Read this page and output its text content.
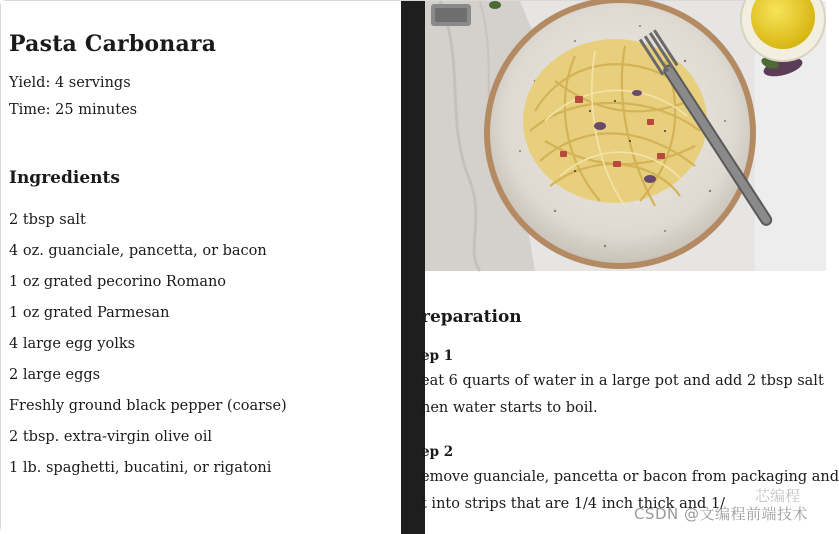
Pasta Carbonara
Yield: 4 servings
Time: 25 minutes
Ingredients
2 tbsp salt
4 oz. guanciale, pancetta, or bacon
1 oz grated pecorino Romano
1 oz grated Parmesan
4 large egg yolks
2 large eggs
Freshly ground black pepper (coarse)
2 tbsp. extra-virgin olive oil
1 lb. spaghetti, bucatini, or rigatoni
reparation
ep 1
eat 6 quarts of water in a large pot and add 2 tbsp salt
hen water starts to boil.
ep 2
emove guanciale, pancetta or bacon from packaging and
t into strips that are 1/4 inch thick and 1/ 芯编程
CSDN @文编程前端技术
